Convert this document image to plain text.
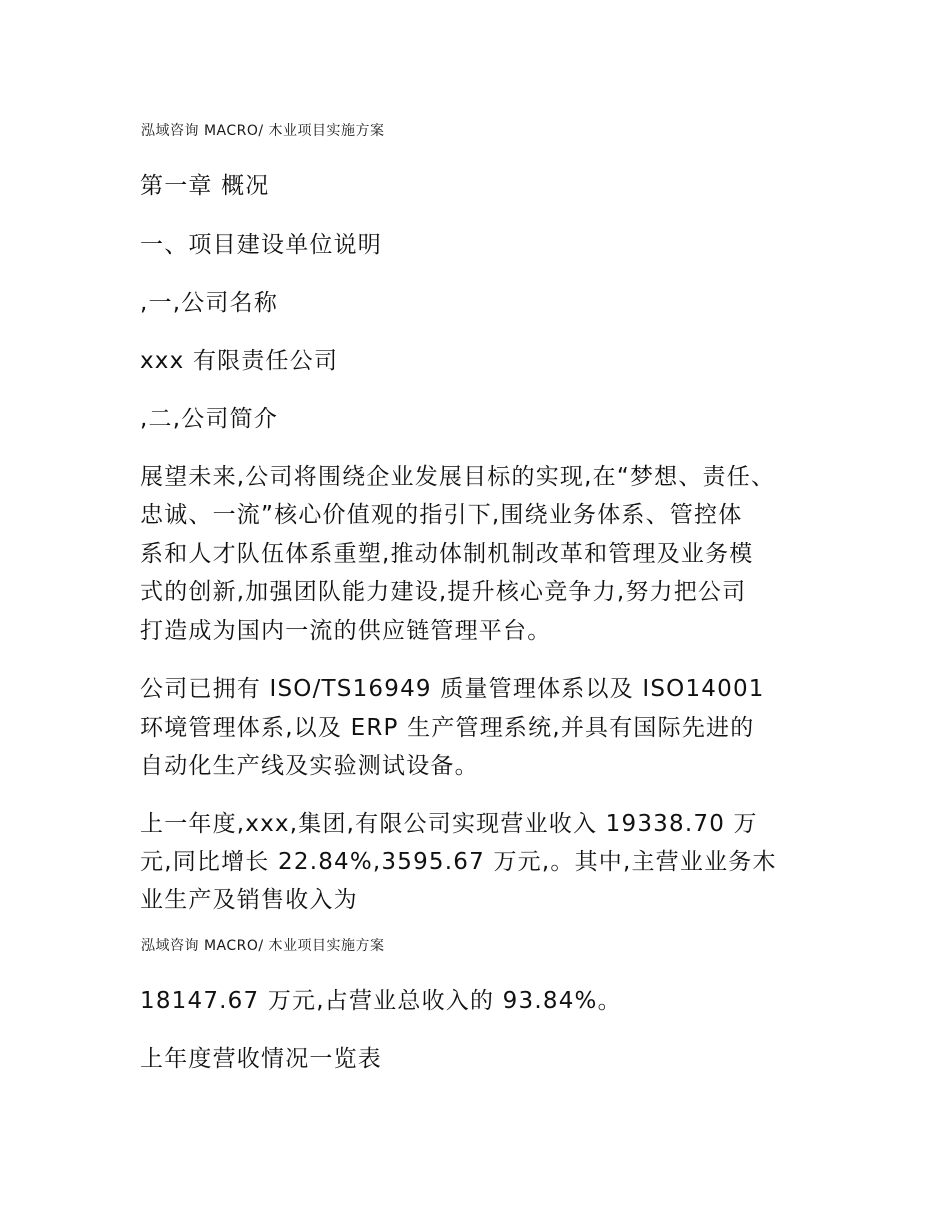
泓域咨询 MACRO/ 木业项目实施方案
第一章 概况
一、项目建设单位说明
,一,公司名称
xxx 有限责任公司
,二,公司简介
展望未来,公司将围绕企业发展目标的实现,在“梦想、责任、
忠诚、一流”核心价值观的指引下,围绕业务体系、管控体
系和人才队伍体系重塑,推动体制机制改革和管理及业务模
式的创新,加强团队能力建设,提升核心竞争力,努力把公司
打造成为国内一流的供应链管理平台。
公司已拥有 ISO/TS16949 质量管理体系以及 ISO14001
环境管理体系,以及 ERP 生产管理系统,并具有国际先进的
自动化生产线及实验测试设备。
上一年度,xxx,集团,有限公司实现营业收入 19338.70 万
元,同比增长 22.84%,3595.67 万元,。其中,主营业业务木
业生产及销售收入为
泓域咨询 MACRO/ 木业项目实施方案
18147.67 万元,占营业总收入的 93.84%。
上年度营收情况一览表
